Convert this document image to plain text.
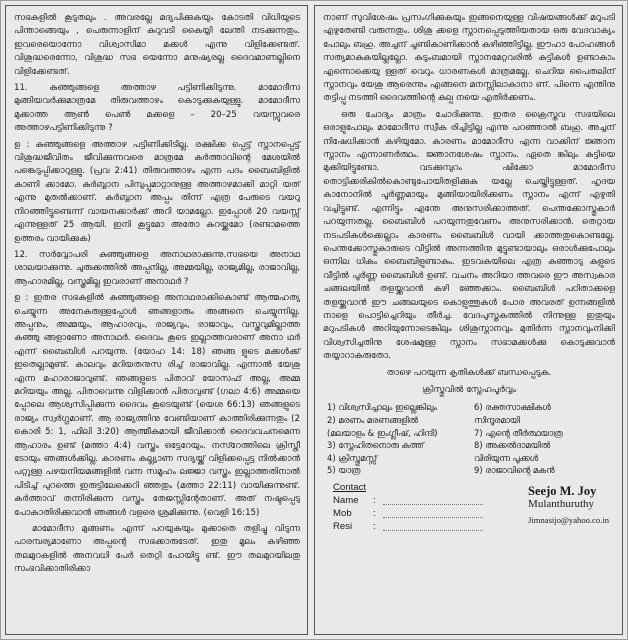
സഭകളിൽ കൂടുതലും . അവരല്ലേ മദ്യപിക്കുകയും കോടതി വിധിയുടെ പിന്താങ്ങെയും , പെരുന്നാളിന് കുറുവടി കൈയ്യി ലേന്തി നടക്കുന്നതും. ഇവരെയൊന്നോ വിശ്വാസിമാ മക്കൾ എന്നു വിളിക്കേണ്ടത്. വിശുദ്ധരെന്നോ, വിശുദ്ധ സഭ യെന്നോ മനുഷ്യരല്ല ദൈവമാണല്ലിനെ വിളിക്കേണ്ടത്.

11. കുഞ്ഞുങ്ങളെ അത്താഴ പട്ടിണിക്കിടുന്നു. മാമോദീസ മുങ്ങിയവർക്കുമാത്രമേ തിരുവത്താഴം കൊടുക്കുകയുള്ളു. മാമോദീസ മുക്കാത്ത ആൺ പെൺ മക്കളെ – 20–25 വയസ്സുവരെ അത്താഴപട്ടിണിക്കിടുന്നു ?

ഉ : കുഞ്ഞുങ്ങളെ അത്താഴ പട്ടിണിക്കിടില്ല. രക്ഷിക്ക പ്പെട്ട് സ്നാനപ്പെട്ട് വിശുദ്ധജീവിതം ജീവിക്കുന്നവരെ മാത്രമേ കർത്താവിന്റെ മേശയിൽ പങ്കെടുപ്പിക്കാറുള്ളു. (പ്രവ 2:41) തിരുവത്താഴം എന്ന പദം ബൈബിളിൽ കാണി ക്കാമോ. കുർബ്ബാന പിമ്പുപ്പുമാറ്റാനുള്ള അത്താഴമാക്കി മാറ്റി യത് എന്നു മുതൽക്കാണ്. കുർബ്ബാന അപ്പം തിന്ന് എത്ര പേരുടെ വയറു നിറഞ്ഞിട്ടുണ്ടെന്ന് വായനക്കാർക്ക് അറി യാമല്ലോ. ഇപ്പോൾ 20 വയസ്സ് എന്നുള്ളത് 25 ആയി. ഇനി കൂട്ടുമോ അതോ കുറയ്ക്കുമോ (രണ്ടാമത്തെ ഉത്തരം വായിക്കുക)

12. സർവ്വോപരി കുഞ്ഞുങ്ങളെ അനാഥരാക്കുന്നു.സഭയെ അനാഥ ശാലയാക്കുന്നു. ചുരുക്കത്തിൽ അപ്പനില്ല, അമ്മയില്ല, രാജ്യമില്ല, രാജാവില്ല, ആഹാരമില്ല, വസ്ത്രമില്ല ഇവരാണ് അനാഥർ ?

ഉ : ഇതര സഭകളിൽ കുഞ്ഞുങ്ങളെ അനാഥരാക്കികൊണ്ട് ആത്മഹത്യ ചെയ്യുന്ന അനേകരുള്ളപ്പോൾ ഞങ്ങളാരും അങ്ങനെ ചെയ്യുന്നില്ല. അപ്പനും, അമ്മയും, ആഹാരവും, രാജ്യവും, രാജാവും, വസ്ത്രവുമില്ലാത്ത കുഞ്ഞു ങ്ങളാണോ അനാഥർ. ദൈവം കൂടെ ഇല്ലാത്തവരാണ് അനാ ഥർ എന്ന് ബൈബിൾ പറയുന്നു. (യോഹ 14: 18) ഞങ്ങ ളുടെ മക്കൾക്ക് ഇതെല്ലാമുണ്ട്. കാലവും മറിയതനുസ രിച്ച് രാജാവില്ല. എന്നാൽ യേശു എന്ന മഹാരാജാവുണ്ട്. ഞങ്ങളുടെ പിതാവ് യോസഫ് അല്ല, അമ്മ മറിയയും അല്ല. പിതാവെന്നു വിളിക്കാൻ പിതാവുണ്ട് (ഗലാ 4:6) അമ്മയെ പ്പോലെ ആശ്വസിപ്പിക്കുന്ന ദൈവം കൂടെയുണ്ട് (യെശ 66:13) ഞങ്ങളുടെ രാജ്യം സ്വർഗ്ഗമാണ്. ആ രാജ്യത്തിനു വേണ്ടിയാണ് കാത്തിരിക്കുന്നതും (2 കൊരി 5: 1, ഫിലി 3:20) ആത്മീകമായി ജീവിക്കാൻ ദൈവവചനമെന്ന ആഹാരം ഉണ്ട് (മത്താ 4:4) വസ്ത്രം ഒട്ടേറേയും. നസ്റേത്തിലെ ക്രിസ്തീ ടോയും ഞങ്ങൾക്കില്ല. കാരണം കല്ല്യാണ സദ്യയ്ക്ക് വിളിക്കപ്പെട്ട നിൽക്കാൻ പറ്റുള്ള പഴയനിയമങ്ങളിൽ വന്ന സമൂഹം ലജ്ജാ വസ്ത്രം ഇല്ലാത്തതിനാൽ പിടിച്ച് പുറത്തെ ഇരുട്ടിലേക്കെറി ഞ്ഞതും (മത്താ 22:11) വായിക്കുന്നുണ്ട്. കർത്താവ് തന്നിരിക്കുന്ന വസ്ത്രം തേജസ്സിന്റേതാണ്. അത് നഷ്ടപ്പെടു പോകാതിരിക്കുവാൻ ഞങ്ങൾ വളരെ ശ്രമിക്കുന്നു. (വെളി 16:15)

മാമോദീസ മുങ്ങണം എന്ന് പറയുകയും മുക്കാതെ തളിച്ചു വിടുന്ന പാരമ്പര്യമാണോ അപ്പന്റെ സഭക്കാരുടേത്. ഇതു മൂലം കഴിഞ്ഞ തലമുറകളിൽ അനവധി പേർ തെറ്റി പോയിട്ടു ണ്ട്. ഈ തലമുറയിലതു സംഭവിക്കാതിരിക്കാ

നാണ് സുവിശേഷം പ്രസംഗിക്കുകയും ഇങ്ങനെയുള്ള വിഷയങ്ങൾക്ക് മറുപടി എഴുതേണ്ടി വരുന്നതും. ശിശു ക്കളെ സ്നാനപ്പെടുത്തിയതായ ഒരു വേദവാക്യം പോലും ബഹു. അച്ചന് ചൂണ്ടികാണിക്കാൻ കഴിഞ്ഞിട്ടില്ല. ഈഹാ പോഹങ്ങൾ സത്യമാകുകയില്ലല്ലോ. കുടുംബമായി സ്നാനമേറ്റവരിൽ കുട്ടികൾ ഉണ്ടാകാം എന്നൊക്കെയു ള്ളത് വെറും ധാരണകൾ മാത്രമല്ലേ. ചെറിയ പൈതലിന് സ്നാനവും യേശു ആരെന്നും എങ്ങനെ മനസ്സിലാകാനാ ണ്. പിന്നെ എന്തിനു തട്ടിപ്പു നടത്തി ദൈവത്തിന്റെ കല്പ നയെ എതിർക്കണം.

ഒരു ചോദ്യം മാത്രം ചോദിക്കുന്നു. ഇതര ക്രൈസ്തവ സഭയിലെ ഒരാളുപോലും മാമോദീസ സ്വീക രിച്ചിട്ടില്ല എന്നു പറഞ്ഞാൽ ബഹു. അച്ചന് നിഷേധിക്കാൻ കഴിയുമോ. കാരണം മാമോദീസ എന്ന വാക്കിന് ജ്ഞാന സ്നാനം എന്നാണർത്ഥം. ജ്ഞാനശേഷം സ്നാനം. ഏതെ ങ്കിലും കുട്ടിയെ മുക്കിയിട്ടുണ്ടോ. വടക്കുമ്പുറം ഷിക്കോ മാമോദീസ തൊട്ടിക്കരികിൽകൊണ്ടുപോയിതളിക്കുക യല്ലേ ചെയ്തിട്ടുള്ളത്. ഹൃദയ കാനോനിൽ പൂർണ്ണമായും മുങ്ങിയായിരിക്കണം സ്നാനം എന്ന് എഴുതി വച്ചിട്ടുണ്ട്. എന്നിട്ടും എന്തേ അനുസരിക്കാത്തത്. പെന്തക്കോസ്തുകാർ പറയുന്നതല്ല. ബൈബിൾ പറയുന്നതുവേണം അനുസരിക്കാൻ. തെറ്റായ നടപടികൾക്കെല്ലാം കാരണം ബൈബിൾ വായി ക്കാത്തതുകൊണ്ടല്ലേ. പെന്തക്കോസ്തുകാരുടെ വീട്ടിൽ അന്നത്തിനു മുട്ടുണ്ടായാലും ഒരാൾക്കുപോലും ഒന്നില ധികം ബൈബിളുണ്ടാകും. ഇടവകയിലെ എത്ര കുഞ്ഞാടു കളുടെ വീട്ടിൽ പൂർണ്ണ ബൈബിൾ ഉണ്ട്. വചനം അറിയാ ത്തവരെ ഈ അസ്വകാര ചങ്ങലയിൽ തളയ്ക്കുവാൻ കഴി ഞ്ഞേക്കാം. ബൈബിൾ പഠിതാക്കളെ തളയ്ക്കുവാൻ ഈ ചങ്ങലയുടെ കൊളുത്തുകൾ പോര അവരത് ഉന്നങ്ങളിൽ നാളെ പൊട്ടിച്ചെറിയും തീർച്ച. വേദപുസ്തകത്തിൽ നിന്നുള്ള ഇതുയും മറുപടികൾ അറിയുന്നോടെങ്കിലും ശിശുസ്നാനവും മുതിർന്ന സ്നാനവുംനിക്കി വിശ്വസിച്ചതിനു ശേഷമുള്ള സ്നാനം സഭാമക്കൾക്കു കൊടുക്കുവാൻ തയ്യാറാകരുതോ.

താഴെ പറയുന്ന കൃതികൾക്ക് ബന്ധപ്പെടുക.
ക്രിസ്തുവിൽ സ്നേഹപൂർവ്വം
1) വിശ്വസിച്ചാലും ഇല്ലെങ്കിലും
2) മരണം മരണങ്ങളിൽ
(മലയാളം & ഇംഗ്ലീഷ്, ഹിന്ദി)
3) സ്നേഹിതനൊരു കത്ത്
4) ക്രിസ്തുമസ്സ്
5) യാത്ര
6) രക്തസാക്ഷികൾ
സിന്ദൂരമായി
7) എന്റെ തീർത്ഥയാത്ര
8) അക്കൽദാമയിൽ
വിരിയുന്ന പൂക്കൾ
9) രാജാവിന്റെ മകൻ
Contact
Name	:
Mob	:
Resi	:
Seejo M. Joy
Mulanthuruthy
Jimnasijo@yahoo.co.in
